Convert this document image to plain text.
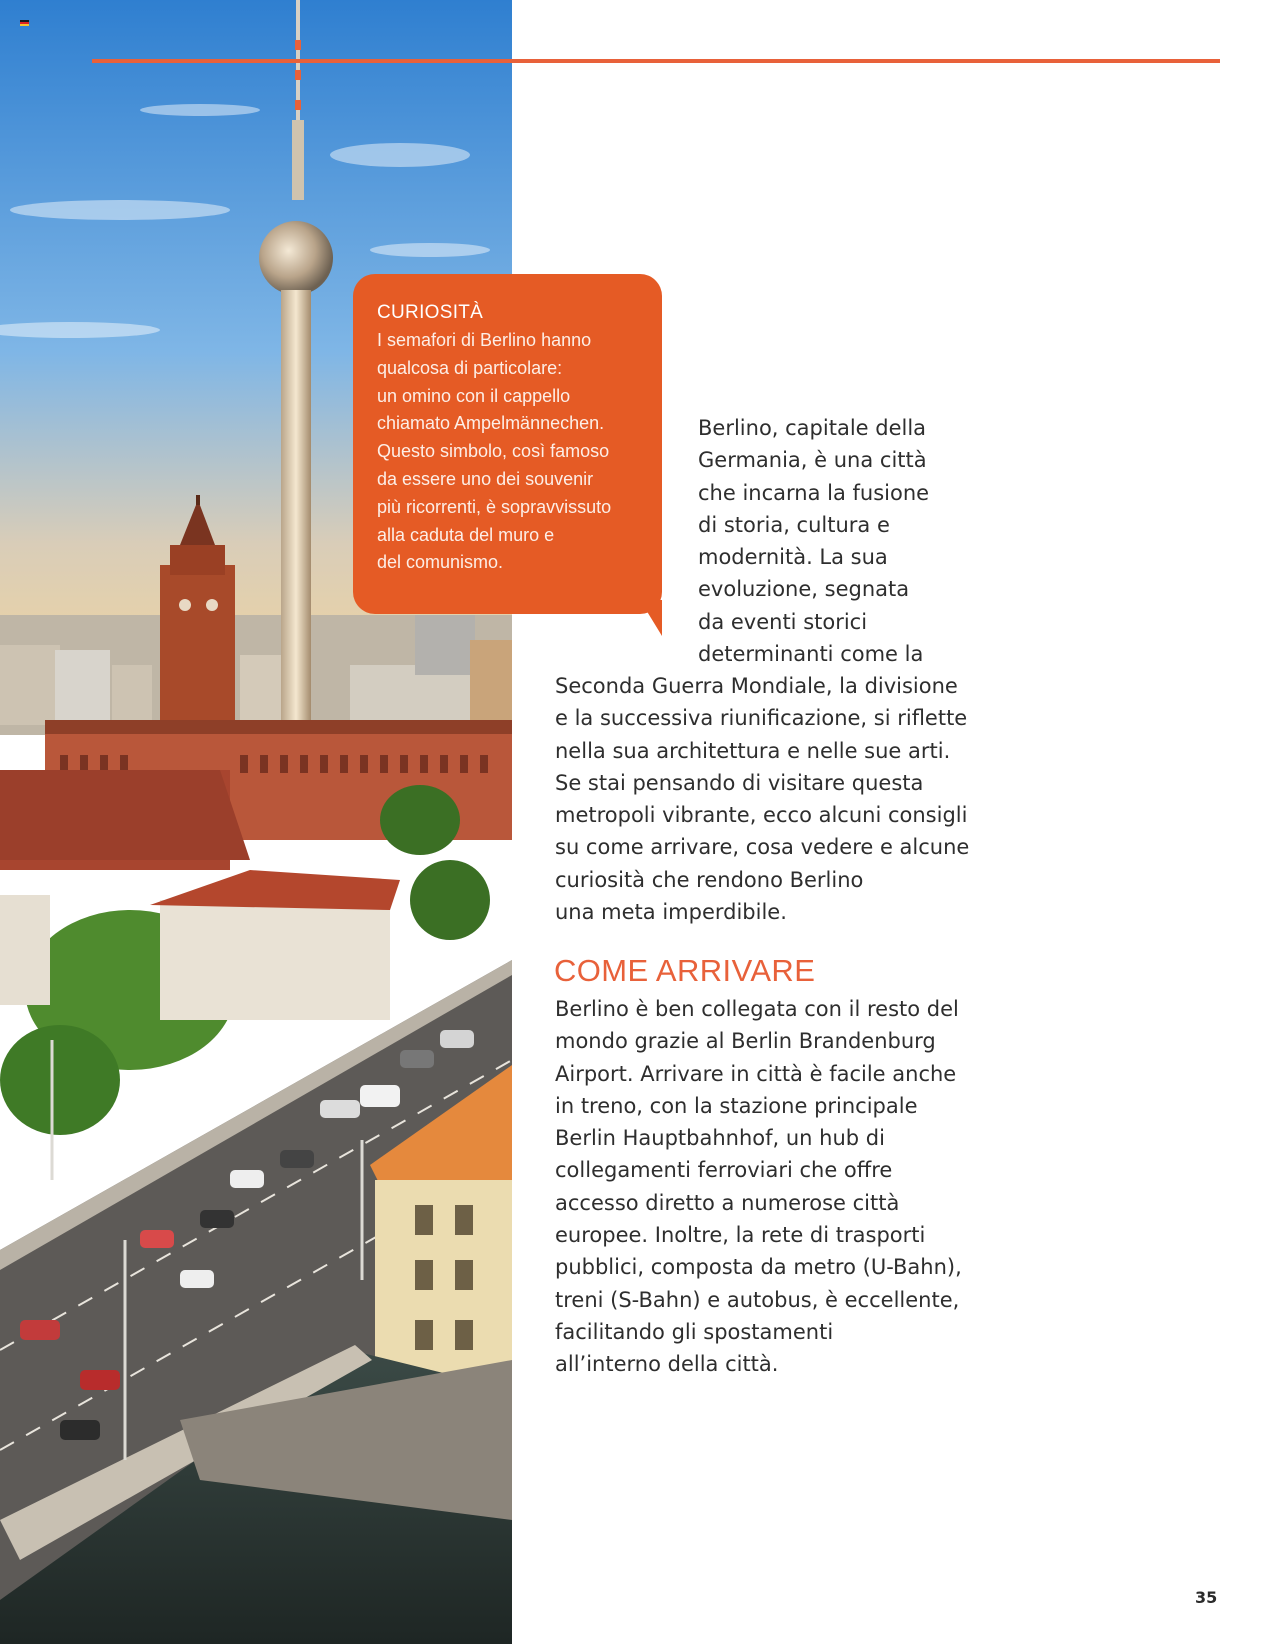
CURIOSITÀ

I semafori di Berlino hanno
qualcosa di particolare:
un omino con il cappello
chiamato Ampelmännechen.
Questo simbolo, così famoso
da essere uno dei souvenir
più ricorrenti, è sopravvissuto
alla caduta del muro e
del comunismo.

Berlino, capitale della
Germania, è una città
che incarna la fusione
di storia, cultura e
modernità. La sua
evoluzione, segnata
da eventi storici
determinanti come la
Seconda Guerra Mondiale, la divisione
e la successiva riunificazione, si riflette
nella sua architettura e nelle sue arti.
Se stai pensando di visitare questa
metropoli vibrante, ecco alcuni consigli
su come arrivare, cosa vedere e alcune
curiosità che rendono Berlino
una meta imperdibile.
COME ARRIVARE
Berlino è ben collegata con il resto del
mondo grazie al Berlin Brandenburg
Airport. Arrivare in città è facile anche
in treno, con la stazione principale
Berlin Hauptbahnhof, un hub di
collegamenti ferroviari che offre
accesso diretto a numerose città
europee. Inoltre, la rete di trasporti
pubblici, composta da metro (U-Bahn),
treni (S-Bahn) e autobus, è eccellente,
facilitando gli spostamenti
all’interno della città.
35
